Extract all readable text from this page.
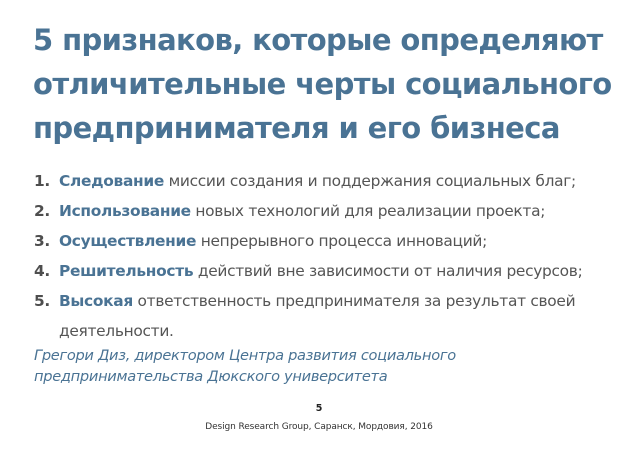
5 признаков, которые определяют
отличительные черты социального
предпринимателя и его бизнеса
1. Следование миссии создания и поддержания социальных благ;
2. Использование новых технологий для реализации проекта;
3. Осуществление непрерывного процесса инноваций;
4. Решительность действий вне зависимости от наличия ресурсов;
5. Высокая ответственность предпринимателя за результат своей деятельности.

Грегори Диз, директором Центра развития социального
предпринимательства Дюкского университета

5
Design Research Group, Саранск, Мордовия, 2016
